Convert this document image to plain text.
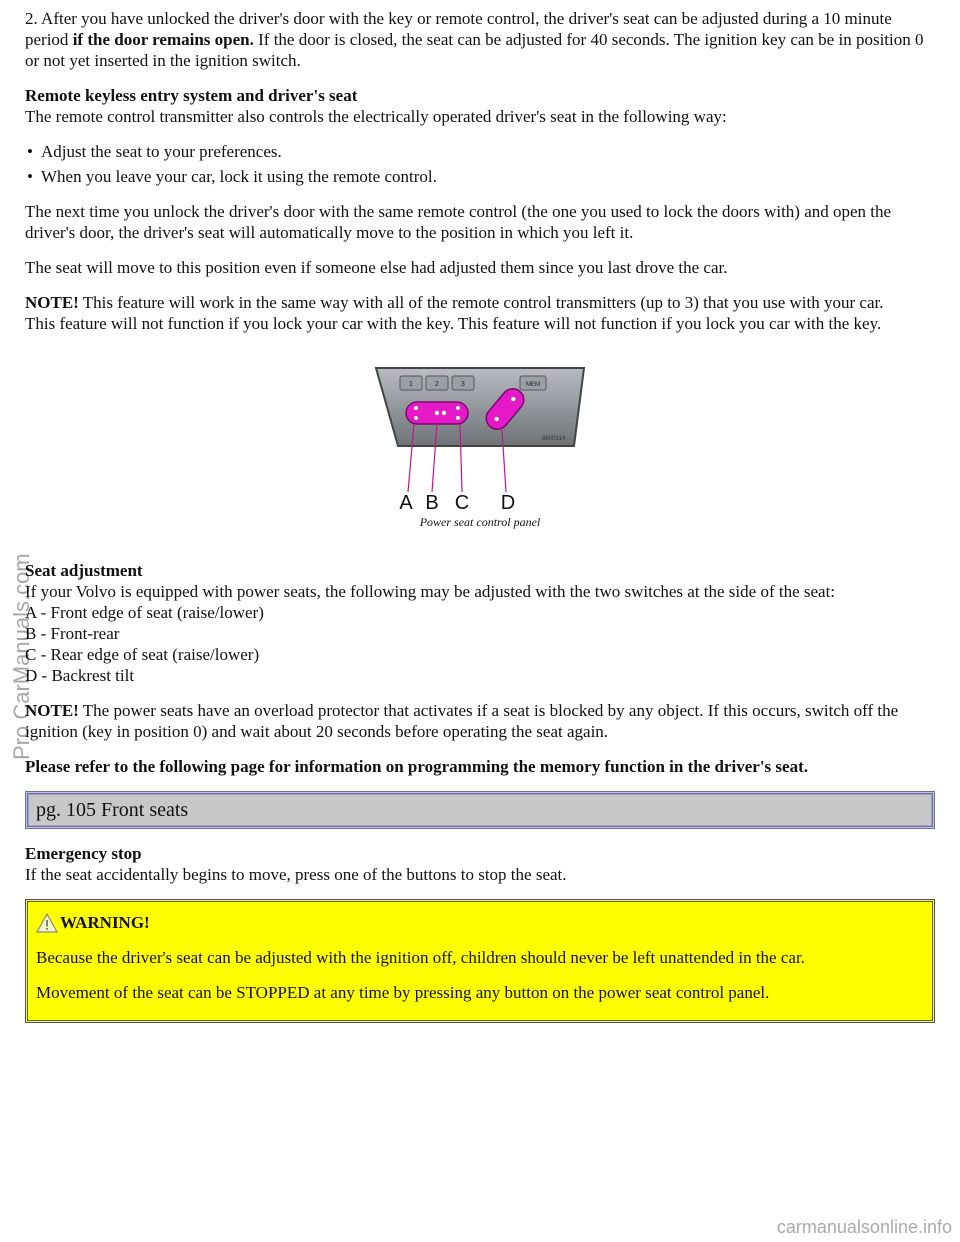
2. After you have unlocked the driver's door with the key or remote control, the driver's seat can be adjusted during a 10 minute period if the door remains open. If the door is closed, the seat can be adjusted for 40 seconds. The ignition key can be in position 0 or not yet inserted in the ignition switch.

Remote keyless entry system and driver's seat
The remote control transmitter also controls the electrically operated driver's seat in the following way:

• Adjust the seat to your preferences.
• When you leave your car, lock it using the remote control.

The next time you unlock the driver's door with the same remote control (the one you used to lock the doors with) and open the driver's door, the driver's seat will automatically move to the position in which you left it.

The seat will move to this position even if someone else had adjusted them since you last drove the car.

NOTE! This feature will work in the same way with all of the remote control transmitters (up to 3) that you use with your car.
This feature will not function if you lock your car with the key. This feature will not function if you lock you car with the key.

1	2	3	MEM
8600314
A B C D
Power seat control panel

Seat adjustment
If your Volvo is equipped with power seats, the following may be adjusted with the two switches at the side of the seat:
A - Front edge of seat (raise/lower)
B - Front-rear
C - Rear edge of seat (raise/lower)
D - Backrest tilt

NOTE! The power seats have an overload protector that activates if a seat is blocked by any object. If this occurs, switch off the ignition (key in position 0) and wait about 20 seconds before operating the seat again.

Please refer to the following page for information on programming the memory function in the driver's seat.

pg. 105 Front seats

Emergency stop
If the seat accidentally begins to move, press one of the buttons to stop the seat.

WARNING!

Because the driver's seat can be adjusted with the ignition off, children should never be left unattended in the car.

Movement of the seat can be STOPPED at any time by pressing any button on the power seat control panel.

Pro CarManuals.com
carmanualsonline.info
